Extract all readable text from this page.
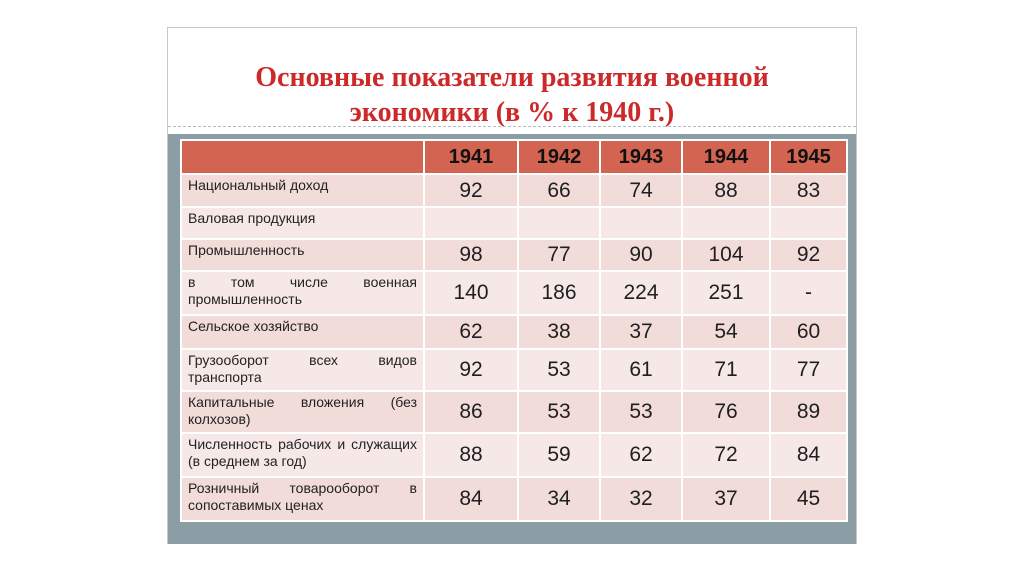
Основные показатели развития военной
экономики (в % к 1940 г.)
	1941	1942	1943	1944	1945
Национальный доход	92	66	74	88	83
Валовая продукция					
Промышленность	98	77	90	104	92
в том числе военная промышленность	140	186	224	251	-
Сельское хозяйство	62	38	37	54	60
Грузооборот всех видов транспорта	92	53	61	71	77
Капитальные вложения (без колхозов)	86	53	53	76	89
Численность рабочих и служащих (в среднем за год)	88	59	62	72	84
Розничный товарооборот в сопоставимых ценах	84	34	32	37	45
